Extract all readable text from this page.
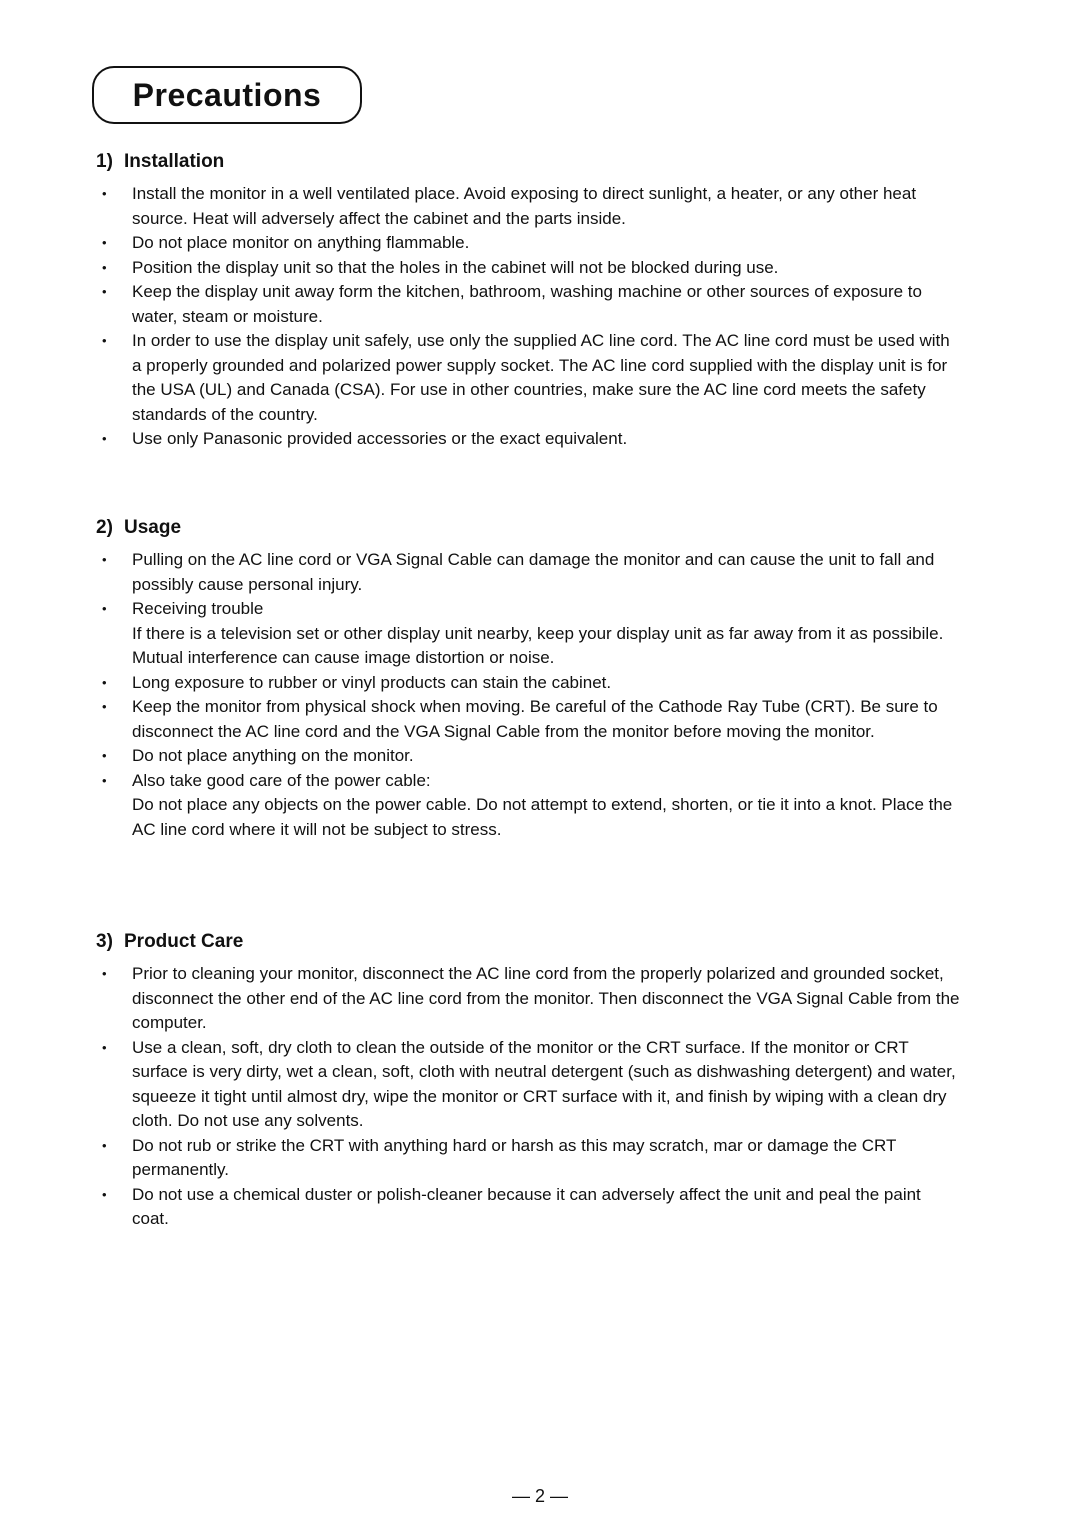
Precautions
1) Installation
• Install the monitor in a well ventilated place. Avoid exposing to direct sunlight, a heater, or any other heat source. Heat will adversely affect the cabinet and the parts inside.
• Do not place monitor on anything flammable.
• Position the display unit so that the holes in the cabinet will not be blocked during use.
• Keep the display unit away form the kitchen, bathroom, washing machine or other sources of exposure to water, steam or moisture.
• In order to use the display unit safely, use only the supplied AC line cord. The AC line cord must be used with a properly grounded and polarized power supply socket. The AC line cord supplied with the display unit is for the USA (UL) and Canada (CSA). For use in other countries, make sure the AC line cord meets the safety standards of the country.
• Use only Panasonic provided accessories or the exact equivalent.
2) Usage
• Pulling on the AC line cord or VGA Signal Cable can damage the monitor and can cause the unit to fall and possibly cause personal injury.
• Receiving trouble
If there is a television set or other display unit nearby, keep your display unit as far away from it as possibile. Mutual interference can cause image distortion or noise.
• Long exposure to rubber or vinyl products can stain the cabinet.
• Keep the monitor from physical shock when moving. Be careful of the Cathode Ray Tube (CRT). Be sure to disconnect the AC line cord and the VGA Signal Cable from the monitor before moving the monitor.
• Do not place anything on the monitor.
• Also take good care of the power cable:
Do not place any objects on the power cable. Do not attempt to extend, shorten, or tie it into a knot. Place the AC line cord where it will not be subject to stress.
3) Product Care
• Prior to cleaning your monitor, disconnect the AC line cord from the properly polarized and grounded socket, disconnect the other end of the AC line cord from the monitor. Then disconnect the VGA Signal Cable from the computer.
• Use a clean, soft, dry cloth to clean the outside of the monitor or the CRT surface. If the monitor or CRT surface is very dirty, wet a clean, soft, cloth with neutral detergent (such as dishwashing detergent) and water, squeeze it tight until almost dry, wipe the monitor or CRT surface with it, and finish by wiping with a clean dry cloth. Do not use any solvents.
• Do not rub or strike the CRT with anything hard or harsh as this may scratch, mar or damage the CRT permanently.
• Do not use a chemical duster or polish-cleaner because it can adversely affect the unit and peal the paint coat.
— 2 —
